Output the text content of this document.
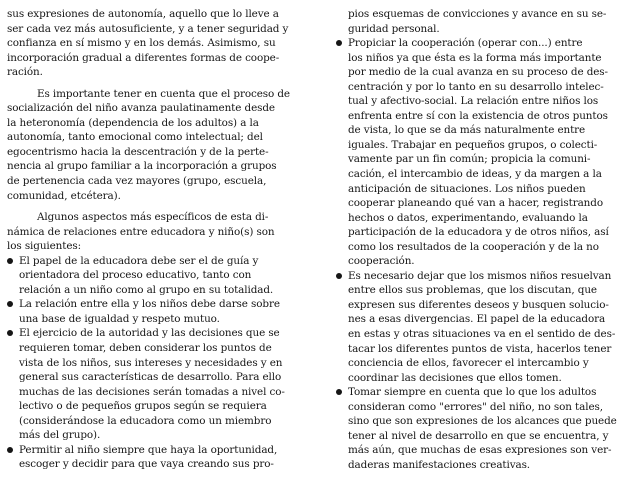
sus expresiones de autonomía, aquello que lo lleve a
ser cada vez más autosuficiente, y a tener seguridad y
confianza en sí mismo y en los demás. Asimismo, su
incorporación gradual a diferentes formas de coope-
ración.
Es importante tener en cuenta que el proceso de
socialización del niño avanza paulatinamente desde
la heteronomía (dependencia de los adultos) a la
autonomía, tanto emocional como intelectual; del
egocentrismo hacia la descentración y de la perte-
nencia al grupo familiar a la incorporación a grupos
de pertenencia cada vez mayores (grupo, escuela,
comunidad, etcétera).
Algunos aspectos más específicos de esta di-
námica de relaciones entre educadora y niño(s) son
los siguientes:
El papel de la educadora debe ser el de guía y
orientadora del proceso educativo, tanto con
relación a un niño como al grupo en su totalidad.
La relación entre ella y los niños debe darse sobre
una base de igualdad y respeto mutuo.
El ejercicio de la autoridad y las decisiones que se
requieren tomar, deben considerar los puntos de
vista de los niños, sus intereses y necesidades y en
general sus características de desarrollo. Para ello
muchas de las decisiones serán tomadas a nivel co-
lectivo o de pequeños grupos según se requiera
(considerándose la educadora como un miembro
más del grupo).
Permitir al niño siempre que haya la oportunidad,
escoger y decidir para que vaya creando sus pro-
pios esquemas de convicciones y avance en su se-
guridad personal.
Propiciar la cooperación (operar con...) entre
los niños ya que ésta es la forma más importante
por medio de la cual avanza en su proceso de des-
centración y por lo tanto en su desarrollo intelec-
tual y afectivo-social. La relación entre niños los
enfrenta entre sí con la existencia de otros puntos
de vista, lo que se da más naturalmente entre
iguales. Trabajar en pequeños grupos, o colecti-
vamente par un fin común; propicia la comuni-
cación, el intercambio de ideas, y da margen a la
anticipación de situaciones. Los niños pueden
cooperar planeando qué van a hacer, registrando
hechos o datos, experimentando, evaluando la
participación de la educadora y de otros niños, así
como los resultados de la cooperación y de la no
cooperación.
Es necesario dejar que los mismos niños resuelvan
entre ellos sus problemas, que los discutan, que
expresen sus diferentes deseos y busquen solucio-
nes a esas divergencias. El papel de la educadora
en estas y otras situaciones va en el sentido de des-
tacar los diferentes puntos de vista, hacerlos tener
conciencia de ellos, favorecer el intercambio y
coordinar las decisiones que ellos tomen.
Tomar siempre en cuenta que lo que los adultos
consideran como "errores" del niño, no son tales,
sino que son expresiones de los alcances que puede
tener al nivel de desarrollo en que se encuentra, y
más aún, que muchas de esas expresiones son ver-
daderas manifestaciones creativas.
